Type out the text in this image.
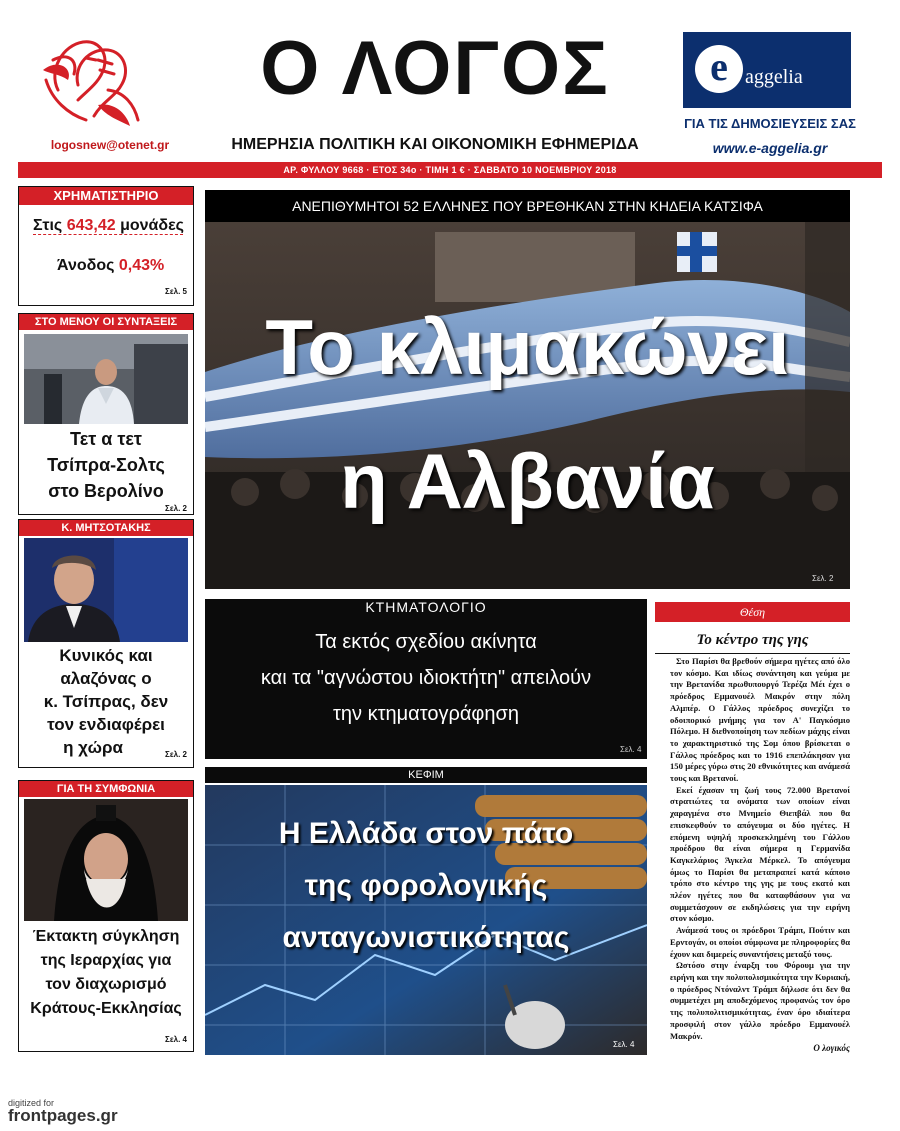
logosnew@otenet.gr
Ο ΛΟΓΟΣ
ΗΜΕΡΗΣΙΑ ΠΟΛΙΤΙΚΗ ΚΑΙ ΟΙΚΟΝΟΜΙΚΗ ΕΦΗΜΕΡΙΔΑ
e aggelia
ΓΙΑ ΤΙΣ ΔΗΜΟΣΙΕΥΣΕΙΣ ΣΑΣ
www.e-aggelia.gr
ΑΡ. ΦΥΛΛΟΥ 9668 · ΕΤΟΣ 34ο · ΤΙΜΗ 1 € · ΣΑΒΒΑΤΟ 10 ΝΟΕΜΒΡΙΟΥ 2018
ΧΡΗΜΑΤΙΣΤΗΡΙΟ
Στις 643,42 μονάδες
Άνοδος 0,43%
Σελ. 5
ΣΤΟ ΜΕΝΟΥ ΟΙ ΣΥΝΤΑΞΕΙΣ
Τετ α τετ
Τσίπρα-Σολτς
στο Βερολίνο
Σελ. 2
Κ. ΜΗΤΣΟΤΑΚΗΣ
Κυνικός και
αλαζόνας ο
κ. Τσίπρας, δεν
τον ενδιαφέρει
η χώρα	Σελ. 2
ΓΙΑ ΤΗ ΣΥΜΦΩΝΙΑ
Έκτακτη σύγκληση
της Ιεραρχίας για
τον διαχωρισμό
Κράτους-Εκκλησίας
Σελ. 4
ΑΝΕΠΙΘΥΜΗΤΟΙ 52 ΕΛΛΗΝΕΣ ΠΟΥ ΒΡΕΘΗΚΑΝ ΣΤΗΝ ΚΗΔΕΙΑ ΚΑΤΣΙΦΑ
Το κλιμακώνει
η Αλβανία
Σελ. 2
ΚΤΗΜΑΤΟΛΟΓΙΟ
Τα εκτός σχεδίου ακίνητα
και τα "αγνώστου ιδιοκτήτη" απειλούν
την κτηματογράφηση
Σελ. 4
ΚΕΦΙΜ
Η Ελλάδα στον πάτο
της φορολογικής
ανταγωνιστικότητας
Σελ. 4
Θέση
Το κέντρο της γης

Στο Παρίσι θα βρεθούν σήμερα ηγέτες από όλο τον κόσμο. Και ιδίως συνάντηση και γεύμα με την Βρετανίδα πρωθυπουργό Τερέζα Μέι έχει ο πρόεδρος Εμμανουέλ Μακρόν στην πόλη Αλμπέρ. Ο Γάλλος πρόεδρος συνεχίζει το οδοιπορικό μνήμης για τον Α' Παγκόσμιο Πόλεμο. Η διεθνοποίηση των πεδίων μάχης είναι το χαρακτηριστικό της Σομ όπου βρίσκεται ο Γάλλος πρόεδρος και το 1916 επεπλάκησαν για 150 μέρες γύρω στις 20 εθνικότητες και ανάμεσά τους και Βρετανοί.

Εκεί έχασαν τη ζωή τους 72.000 Βρετανοί στρατιώτες τα ονόματα των οποίων είναι χαραγμένα στο Μνημείο Θιεπβάλ που θα επισκεφθούν το απόγευμα οι δύο ηγέτες. Η επόμενη υψηλή προσκεκλημένη του Γάλλου προέδρου θα είναι σήμερα η Γερμανίδα Καγκελάριος Άγκελα Μέρκελ. Το απόγευμα όμως το Παρίσι θα μεταπραπεί κατά κάποιο τρόπο στο κέντρο της γης με τους εκατό και πλέον ηγέτες που θα καταφθάσουν για να συμμετάσχουν σε εκδηλώσεις για την ειρήνη στον κόσμο.

Ανάμεσά τους οι πρόεδροι Τράμπ, Πούτιν και Ερντογάν, οι οποίοι σύμφωνα με πληροφορίες θα έχουν και διμερείς συναντήσεις μεταξύ τους.

Ωστόσο στην έναρξη του Φόρουμ για την ειρήνη και την πολυπολισμικότητα την Κυριακή, ο πρόεδρος Ντόναλντ Τράμπ δήλωσε ότι δεν θα συμμετέχει μη αποδεχόμενος προφανώς τον όρο της πολυπολιτισμικότητας, έναν όρο ιδιαίτερα προσφιλή στον γάλλο πρόεδρο Εμμανουέλ Μακρόν.

Ο λογικός
digitized for
frontpages.gr
